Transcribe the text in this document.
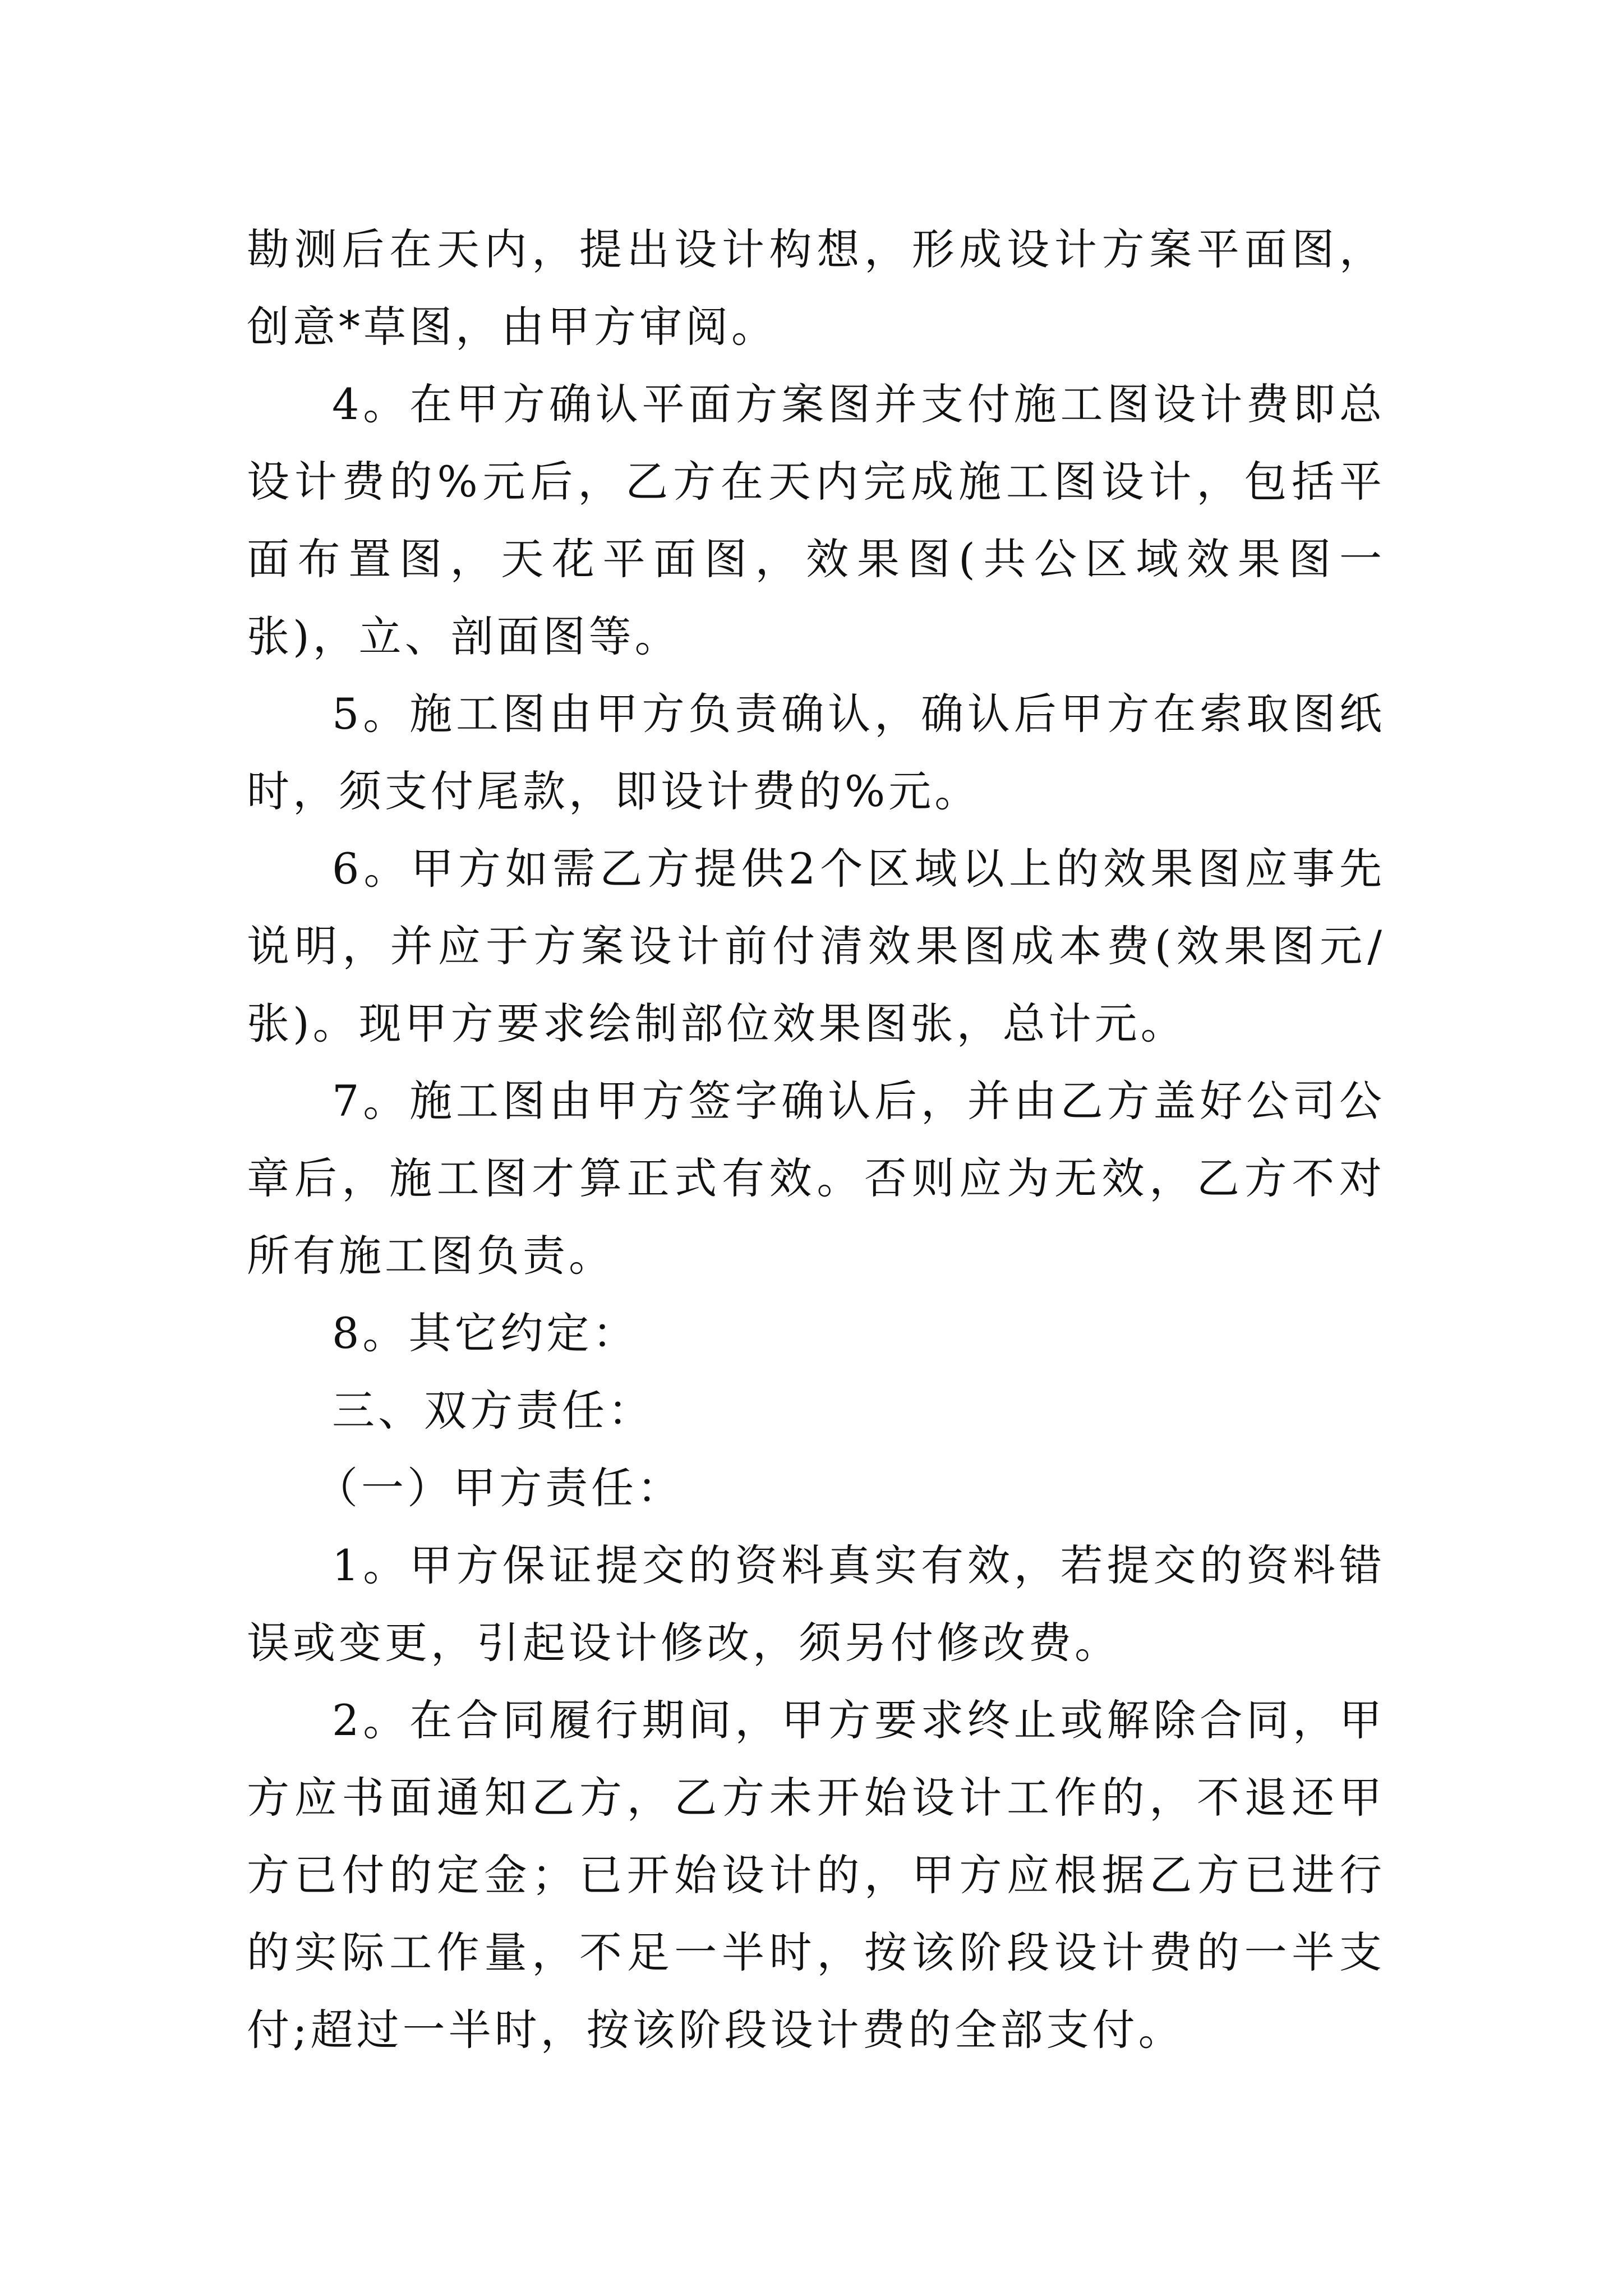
勘测后在天内，提出设计构想，形成设计方案平面图，创意*草图，由甲方审阅。

4。在甲方确认平面方案图并支付施工图设计费即总设计费的%元后，乙方在天内完成施工图设计，包括平面布置图，天花平面图，效果图(共公区域效果图一张)，立、剖面图等。

5。施工图由甲方负责确认，确认后甲方在索取图纸时，须支付尾款，即设计费的%元。

6。甲方如需乙方提供2个区域以上的效果图应事先说明，并应于方案设计前付清效果图成本费(效果图元/张)。现甲方要求绘制部位效果图张，总计元。

7。施工图由甲方签字确认后，并由乙方盖好公司公章后，施工图才算正式有效。否则应为无效，乙方不对所有施工图负责。

8。其它约定：

三、双方责任：

（一）甲方责任：

1。甲方保证提交的资料真实有效，若提交的资料错误或变更，引起设计修改，须另付修改费。

2。在合同履行期间，甲方要求终止或解除合同，甲方应书面通知乙方，乙方未开始设计工作的，不退还甲方已付的定金；已开始设计的，甲方应根据乙方已进行的实际工作量，不足一半时，按该阶段设计费的一半支付;超过一半时，按该阶段设计费的全部支付。
